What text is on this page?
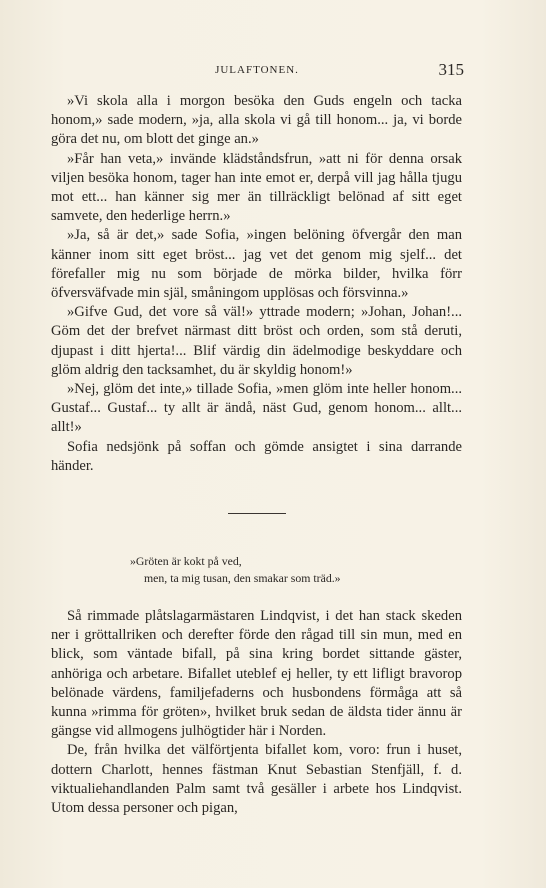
JULAFTONEN.	315

»Vi skola alla i morgon besöka den Guds engeln och tacka honom,» sade modern, »ja, alla skola vi gå till honom... ja, vi borde göra det nu, om blott det ginge an.»

»Får han veta,» invände klädståndsfrun, »att ni för denna orsak viljen besöka honom, tager han inte emot er, derpå vill jag hålla tjugu mot ett... han känner sig mer än tillräckligt belönad af sitt eget samvete, den hederlige herrn.»

»Ja, så är det,» sade Sofia, »ingen belöning öfvergår den man känner inom sitt eget bröst... jag vet det genom mig sjelf... det förefaller mig nu som började de mörka bilder, hvilka förr öfversväfvade min själ, småningom upplösas och försvinna.»

»Gifve Gud, det vore så väl!» yttrade modern; »Johan, Johan!... Göm det der brefvet närmast ditt bröst och orden, som stå deruti, djupast i ditt hjerta!... Blif värdig din ädelmodige beskyddare och glöm aldrig den tacksamhet, du är skyldig honom!»

»Nej, glöm det inte,» tillade Sofia, »men glöm inte heller honom... Gustaf... Gustaf... ty allt är ändå, näst Gud, genom honom... allt... allt!»

Sofia nedsjönk på soffan och gömde ansigtet i sina darrande händer.

»Gröten är kokt på ved,
men, ta mig tusan, den smakar som träd.»

Så rimmade plåtslagarmästaren Lindqvist, i det han stack skeden ner i gröttallriken och derefter förde den rågad till sin mun, med en blick, som väntade bifall, på sina kring bordet sittande gäster, anhöriga och arbetare. Bifallet uteblef ej heller, ty ett lifligt bravorop belönade värdens, familjefaderns och husbondens förmåga att så kunna »rimma för gröten», hvilket bruk sedan de äldsta tider ännu är gängse vid allmogens julhögtider här i Norden.

De, från hvilka det välförtjenta bifallet kom, voro: frun i huset, dottern Charlott, hennes fästman Knut Sebastian Stenfjäll, f. d. viktualiehandlanden Palm samt två gesäller i arbete hos Lindqvist. Utom dessa personer och pigan,
